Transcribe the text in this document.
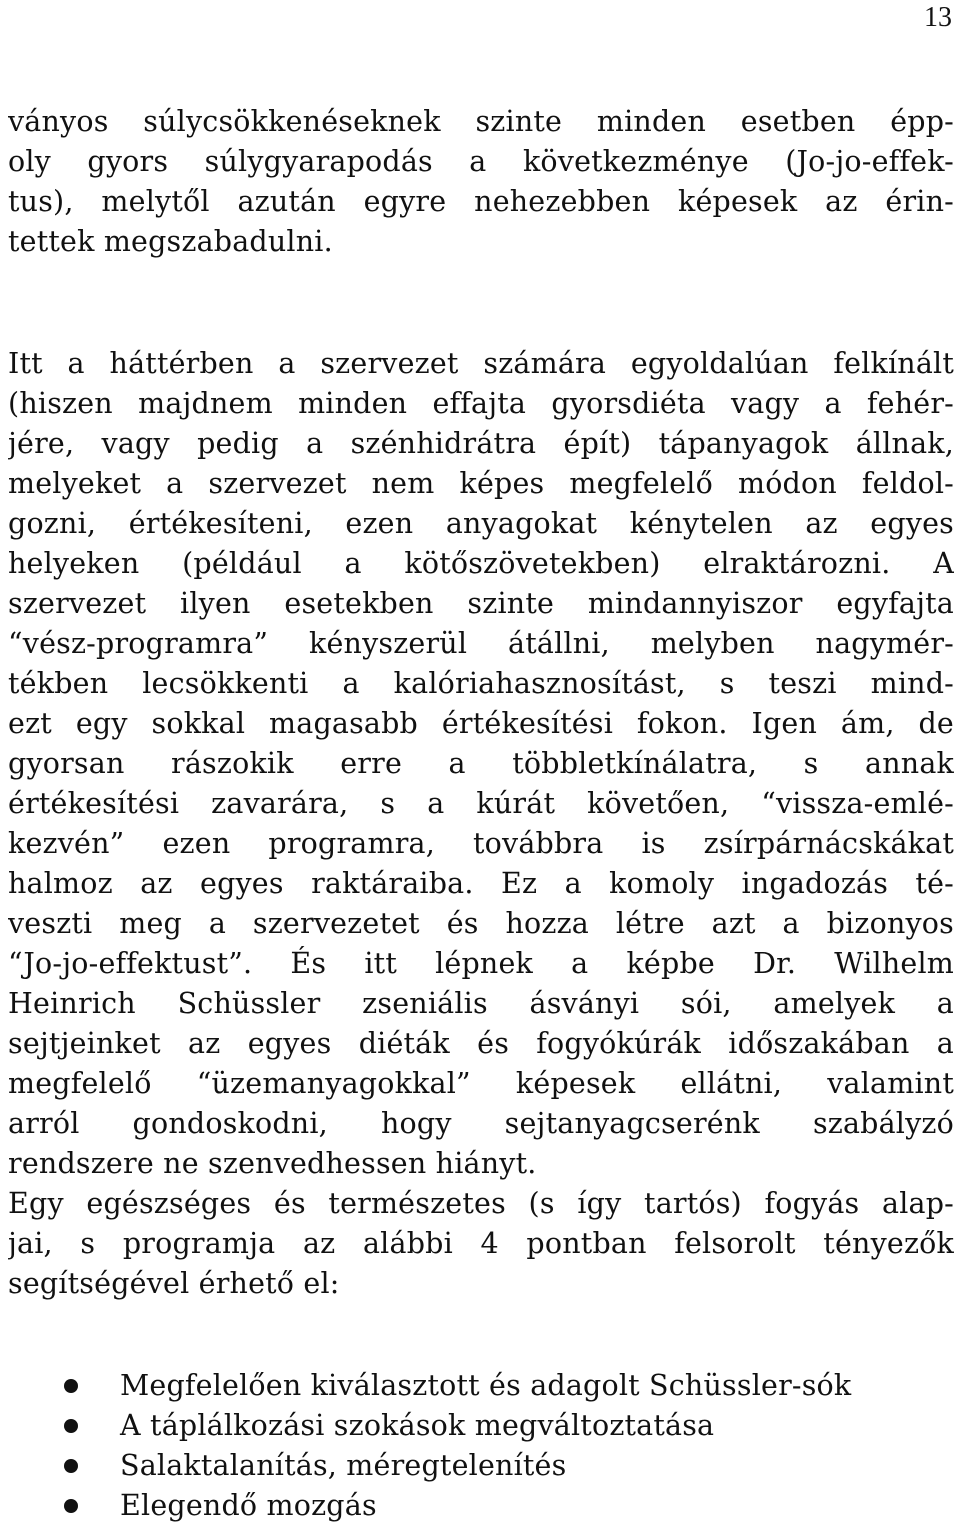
13
ványos súlycsökkenéseknek szinte minden esetben épp-
oly gyors súlygyarapodás a következménye (Jo-jo-effek-
tus), melytől azután egyre nehezebben képesek az érin-
tettek megszabadulni.
Itt a háttérben a szervezet számára egyoldalúan felkínált
(hiszen majdnem minden effajta gyorsdiéta vagy a fehér-
jére, vagy pedig a szénhidrátra épít) tápanyagok állnak,
melyeket a szervezet nem képes megfelelő módon feldol-
gozni, értékesíteni, ezen anyagokat kénytelen az egyes
helyeken (például a kötőszövetekben) elraktározni. A
szervezet ilyen esetekben szinte mindannyiszor egyfajta
“vész-programra” kényszerül átállni, melyben nagymér-
tékben lecsökkenti a kalóriahasznosítást, s teszi mind-
ezt egy sokkal magasabb értékesítési fokon. Igen ám, de
gyorsan rászokik erre a többletkínálatra, s annak
értékesítési zavarára, s a kúrát követően, “vissza-emlé-
kezvén” ezen programra, továbbra is zsírpárnácskákat
halmoz az egyes raktáraiba. Ez a komoly ingadozás té-
veszti meg a szervezetet és hozza létre azt a bizonyos
“Jo-jo-effektust”. És itt lépnek a képbe Dr. Wilhelm
Heinrich Schüssler zseniális ásványi sói, amelyek a
sejtjeinket az egyes diéták és fogyókúrák időszakában a
megfelelő “üzemanyagokkal” képesek ellátni, valamint
arról gondoskodni, hogy sejtanyagcserénk szabályzó
rendszere ne szenvedhessen hiányt.
Egy egészséges és természetes (s így tartós) fogyás alap-
jai, s programja az alábbi 4 pontban felsorolt tényezők
segítségével érhető el:
Megfelelően kiválasztott és adagolt Schüssler-sók
A táplálkozási szokások megváltoztatása
Salaktalanítás, méregtelenítés
Elegendő mozgás
